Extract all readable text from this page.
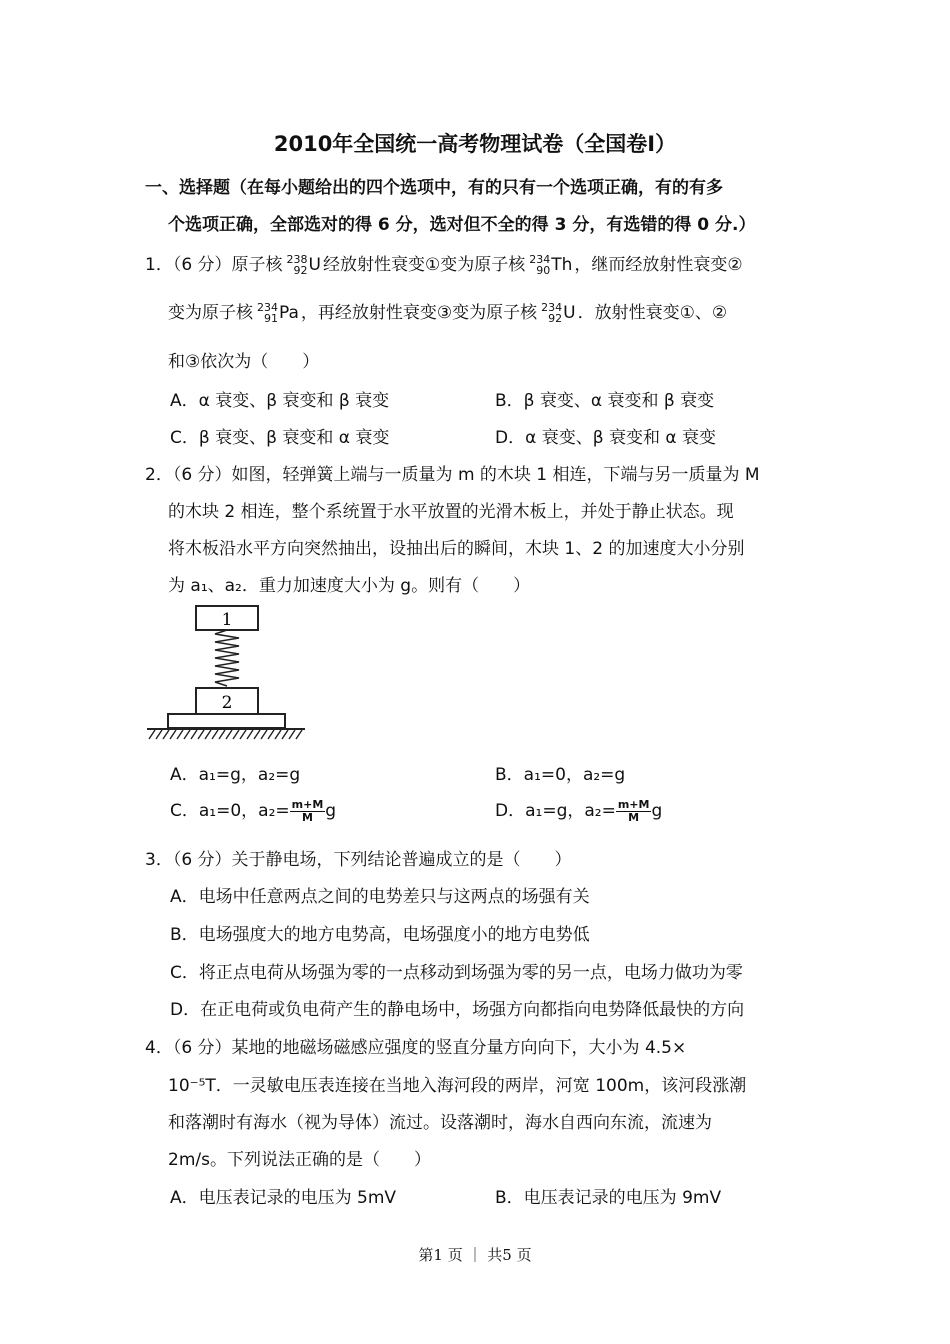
2010年全国统一高考物理试卷（全国卷Ⅰ）
一、选择题（在每小题给出的四个选项中，有的只有一个选项正确，有的有多
个选项正确，全部选对的得 6 分，选对但不全的得 3 分，有选错的得 0 分.）
1．（6 分）原子核 238
92 U 经放射性衰变①变为原子核 234
90 Th ，继而经放射性衰变②
变为原子核 234
91 Pa ，再经放射性衰变③变为原子核 234
92 U ．放射性衰变①、②
和③依次为（　　）
A．α 衰变、β 衰变和 β 衰变	B．β 衰变、α 衰变和 β 衰变
C．β 衰变、β 衰变和 α 衰变	D．α 衰变、β 衰变和 α 衰变
2．（6 分）如图，轻弹簧上端与一质量为 m 的木块 1 相连，下端与另一质量为 M
的木块 2 相连，整个系统置于水平放置的光滑木板上，并处于静止状态。现
将木板沿水平方向突然抽出，设抽出后的瞬间，木块 1、2 的加速度大小分别
为 a₁、a₂．重力加速度大小为 g。则有（　　）
1
2
A．a₁=g，a₂=g	B．a₁=0，a₂=g
C．a₁=0，$a_2= \frac{m+M}{M}$ g	D．a₁=g，$a_2= \frac{m+M}{M}$ g
3．（6 分）关于静电场，下列结论普遍成立的是（　　）
A．电场中任意两点之间的电势差只与这两点的场强有关
B．电场强度大的地方电势高，电场强度小的地方电势低
C．将正点电荷从场强为零的一点移动到场强为零的另一点，电场力做功为零
D．在正电荷或负电荷产生的静电场中，场强方向都指向电势降低最快的方向
4．（6 分）某地的地磁场磁感应强度的竖直分量方向向下，大小为 4.5×
10⁻⁵T．一灵敏电压表连接在当地入海河段的两岸，河宽 100m，该河段涨潮
和落潮时有海水（视为导体）流过。设落潮时，海水自西向东流，流速为
2m/s。下列说法正确的是（　　）
A．电压表记录的电压为 5mV	B．电压表记录的电压为 9mV
第1 页 ｜ 共5 页
